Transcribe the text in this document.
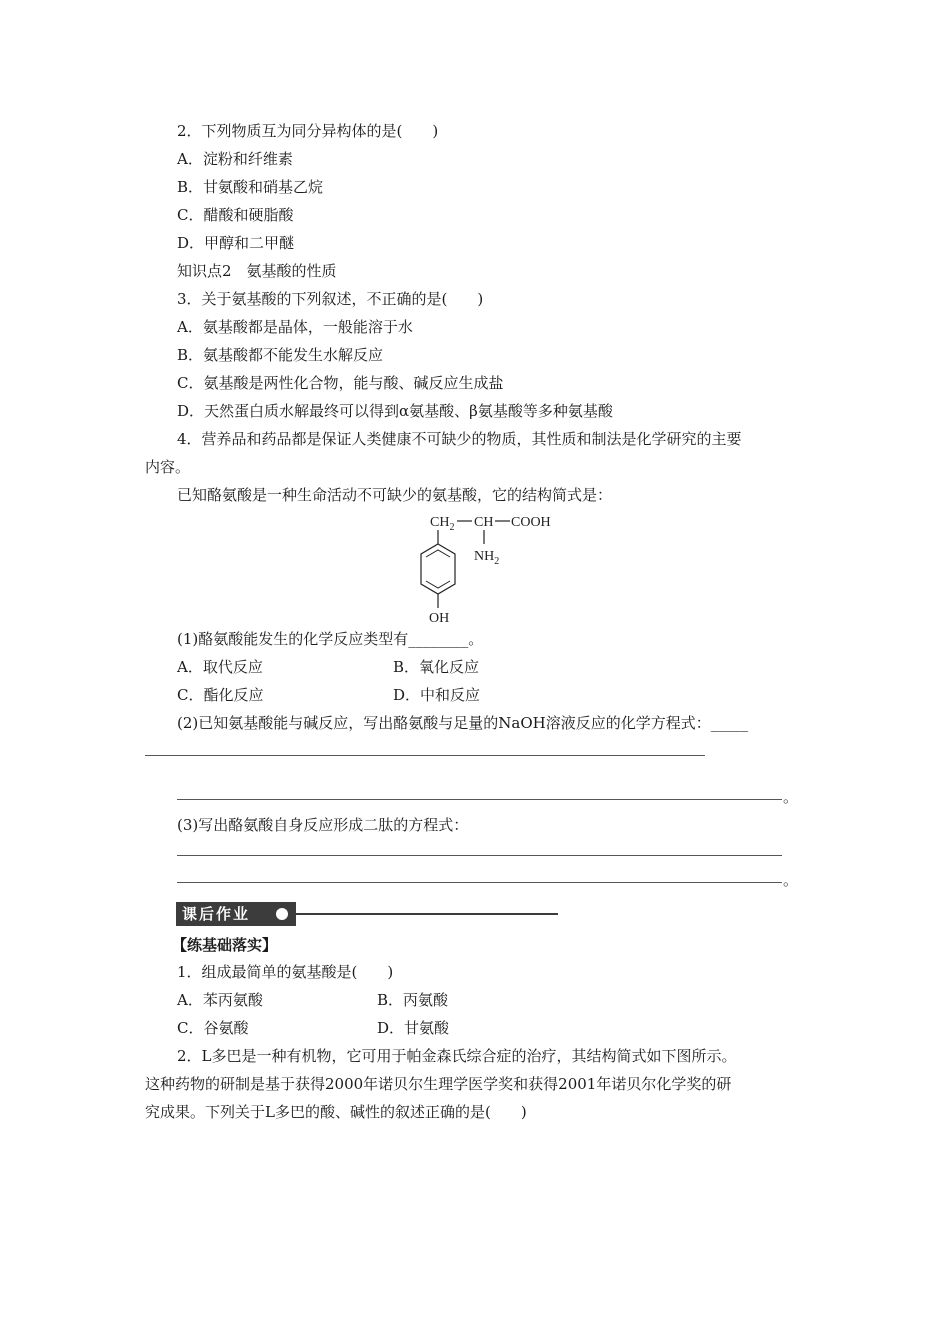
2．下列物质互为同分异构体的是(　　)
A．淀粉和纤维素
B．甘氨酸和硝基乙烷
C．醋酸和硬脂酸
D．甲醇和二甲醚
知识点2　氨基酸的性质
3．关于氨基酸的下列叙述，不正确的是(　　)
A．氨基酸都是晶体，一般能溶于水
B．氨基酸都不能发生水解反应
C．氨基酸是两性化合物，能与酸、碱反应生成盐
D．天然蛋白质水解最终可以得到α氨基酸、β氨基酸等多种氨基酸
4．营养品和药品都是保证人类健康不可缺少的物质，其性质和制法是化学研究的主要
内容。
已知酪氨酸是一种生命活动不可缺少的氨基酸，它的结构简式是：
$CH_2$ CH COOH
$NH_2$
OH
(1)酪氨酸能发生的化学反应类型有________。
A．取代反应	B．氧化反应
C．酯化反应	D．中和反应
(2)已知氨基酸能与碱反应，写出酪氨酸与足量的NaOH溶液反应的化学方程式：_____
。
(3)写出酪氨酸自身反应形成二肽的方程式：
。
课后作业
【练基础落实】
1．组成最简单的氨基酸是(　　)
A．苯丙氨酸	B．丙氨酸
C．谷氨酸	D．甘氨酸
2．L多巴是一种有机物，它可用于帕金森氏综合症的治疗，其结构简式如下图所示。
这种药物的研制是基于获得2000年诺贝尔生理学医学奖和获得2001年诺贝尔化学奖的研
究成果。下列关于L多巴的酸、碱性的叙述正确的是(　　)
